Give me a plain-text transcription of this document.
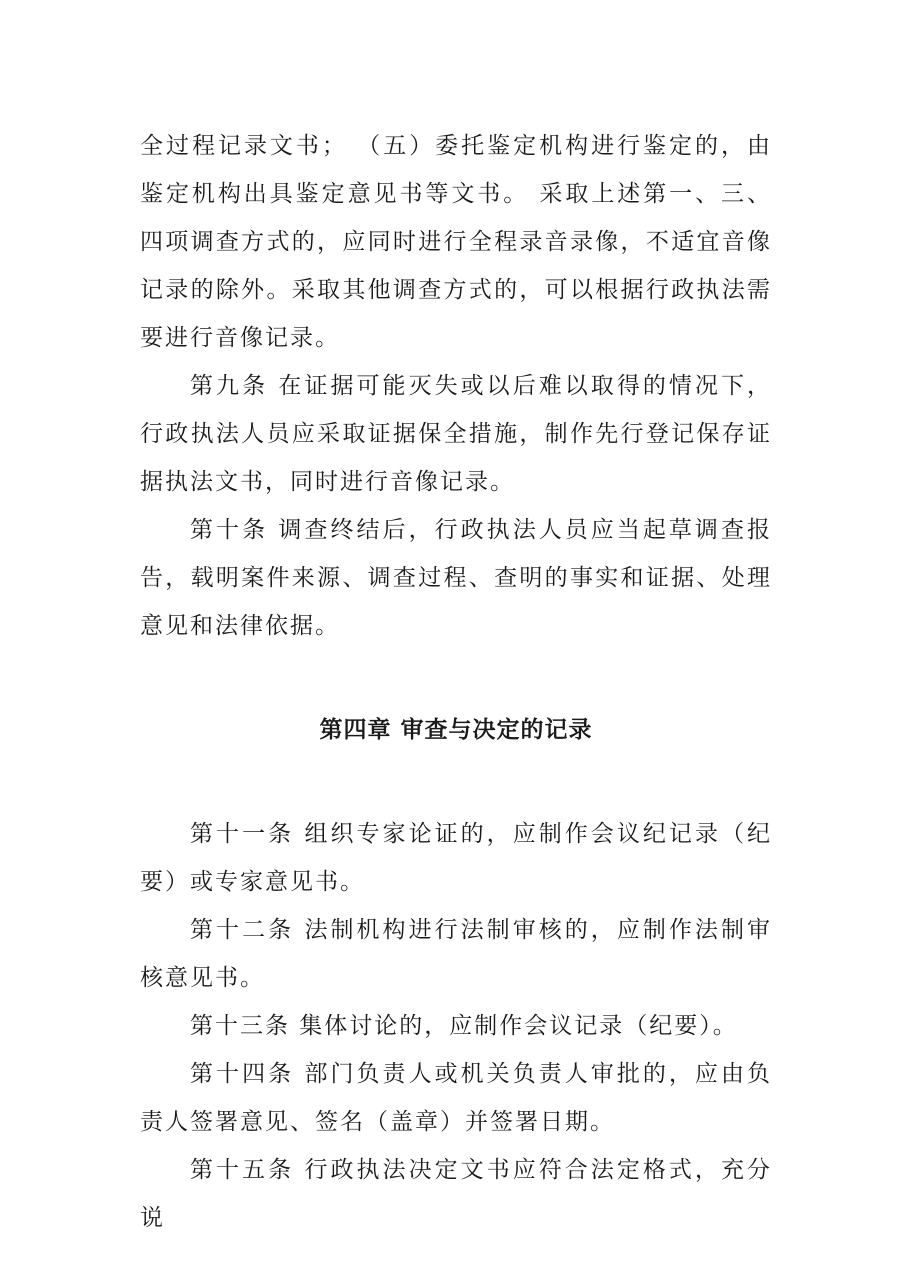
全过程记录文书； （五）委托鉴定机构进行鉴定的，由鉴定机构出具鉴定意见书等文书。 采取上述第一、三、四项调查方式的，应同时进行全程录音录像，不适宜音像记录的除外。采取其他调查方式的，可以根据行政执法需要进行音像记录。

第九条 在证据可能灭失或以后难以取得的情况下，行政执法人员应采取证据保全措施，制作先行登记保存证据执法文书，同时进行音像记录。

第十条 调查终结后，行政执法人员应当起草调查报告，载明案件来源、调查过程、查明的事实和证据、处理意见和法律依据。

第四章 审查与决定的记录

第十一条 组织专家论证的，应制作会议纪记录（纪要）或专家意见书。

第十二条 法制机构进行法制审核的，应制作法制审核意见书。

第十三条 集体讨论的，应制作会议记录（纪要）。

第十四条 部门负责人或机关负责人审批的，应由负责人签署意见、签名（盖章）并签署日期。

第十五条 行政执法决定文书应符合法定格式，充分说
